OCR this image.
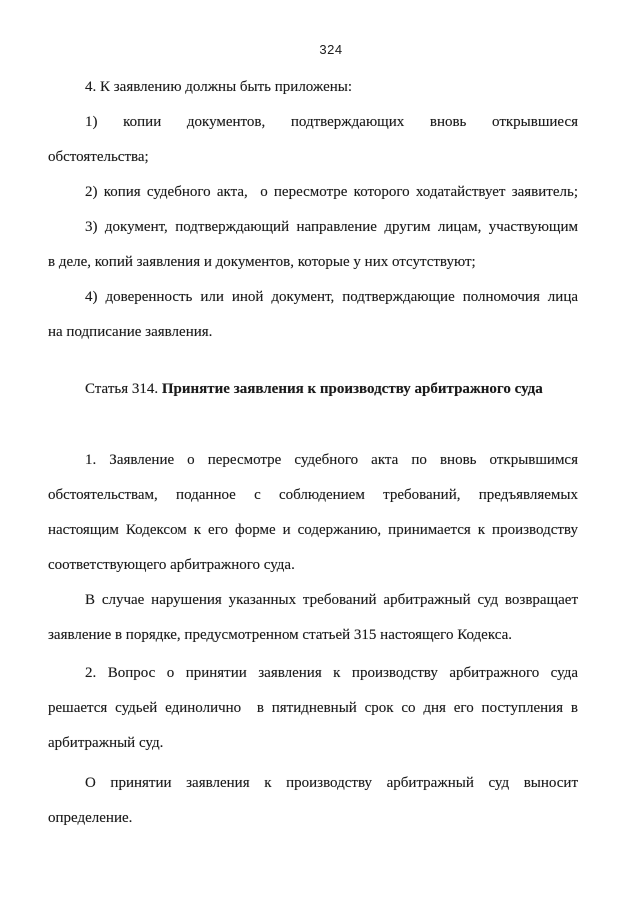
324
4. К заявлению должны быть приложены:
1) копии документов, подтверждающих вновь открывшиеся
обстоятельства;
2) копия судебного акта,  о пересмотре которого ходатайствует заявитель;
3) документ, подтверждающий направление другим лицам, участвующим
в деле, копий заявления и документов, которые у них отсутствуют;
4) доверенность или иной документ, подтверждающие полномочия лица
на подписание заявления.
Статья 314. Принятие заявления к производству арбитражного суда
1. Заявление о пересмотре судебного акта по вновь открывшимся
обстоятельствам, поданное с соблюдением требований, предъявляемых
настоящим Кодексом к его форме и содержанию, принимается к производству
соответствующего арбитражного суда.
В случае нарушения указанных требований арбитражный суд возвращает
заявление в порядке, предусмотренном статьей 315 настоящего Кодекса.
2. Вопрос о принятии заявления к производству арбитражного суда
решается судьей единолично  в пятидневный срок со дня его поступления в
арбитражный суд.
О принятии заявления к производству арбитражный суд выносит
определение.
